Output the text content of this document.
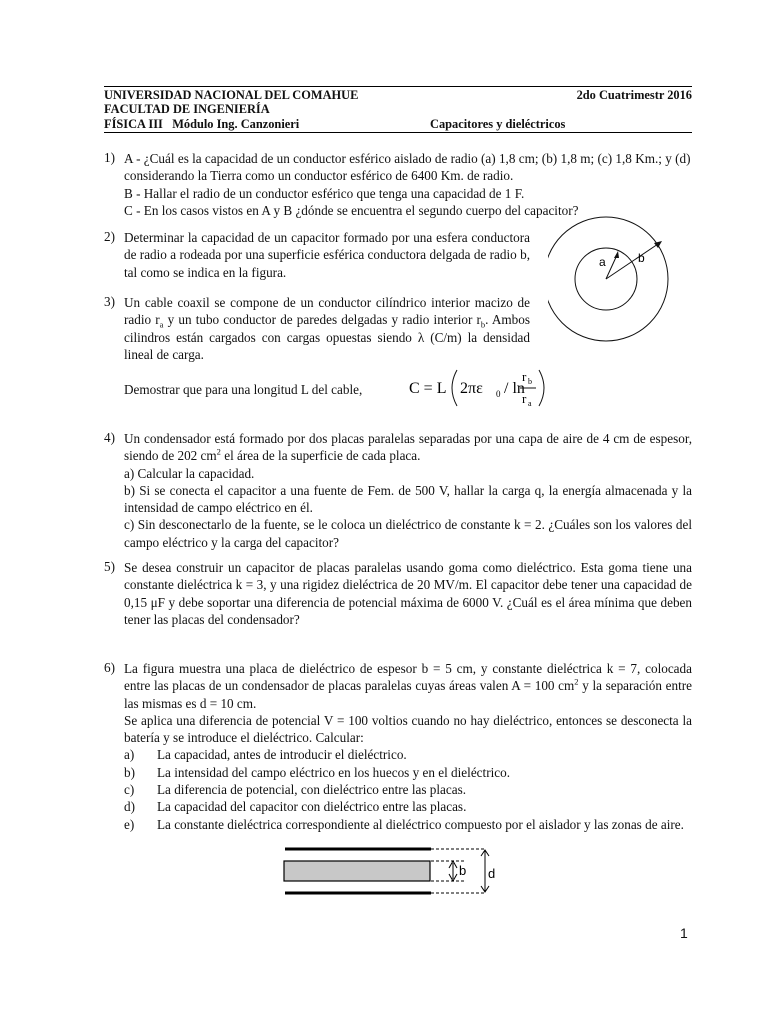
UNIVERSIDAD NACIONAL DEL COMAHUE	2do Cuatrimestr 2016
FACULTAD DE INGENIERÍA
FÍSICA III Módulo Ing. Canzonieri	Capacitores y dieléctricos
1) A - ¿Cuál es la capacidad de un conductor esférico aislado de radio (a) 1,8 cm; (b) 1,8 m; (c) 1,8 Km.; y (d) considerando la Tierra como un conductor esférico de 6400 Km. de radio.
B - Hallar el radio de un conductor esférico que tenga una capacidad de 1 F.
C - En los casos vistos en A y B ¿dónde se encuentra el segundo cuerpo del capacitor?
2) Determinar la capacidad de un capacitor formado por una esfera conductora de radio a rodeada por una superficie esférica conductora delgada de radio b, tal como se indica en la figura.
a	b
3) Un cable coaxil se compone de un conductor cilíndrico interior macizo de radio $r_a$ y un tubo conductor de paredes delgadas y radio interior $r_b$. Ambos cilindros están cargados con cargas opuestas siendo λ (C/m) la densidad lineal de carga.
Demostrar que para una longitud L del cable,	C = L 2πε 0 / ln
r b
r a
4) Un condensador está formado por dos placas paralelas separadas por una capa de aire de 4 cm de espesor, siendo de 202 $cm^2$ el área de la superficie de cada placa.
a) Calcular la capacidad.
b) Si se conecta el capacitor a una fuente de Fem. de 500 V, hallar la carga q, la energía almacenada y la intensidad de campo eléctrico en él.
c) Sin desconectarlo de la fuente, se le coloca un dieléctrico de constante k = 2. ¿Cuáles son los valores del campo eléctrico y la carga del capacitor?
5) Se desea construir un capacitor de placas paralelas usando goma como dieléctrico. Esta goma tiene una constante dieléctrica k = 3, y una rigidez dieléctrica de 20 MV/m. El capacitor debe tener una capacidad de 0,15 μF y debe soportar una diferencia de potencial máxima de 6000 V. ¿Cuál es el área mínima que deben tener las placas del condensador?
6) La figura muestra una placa de dieléctrico de espesor b = 5 cm, y constante dieléctrica k = 7, colocada entre las placas de un condensador de placas paralelas cuyas áreas valen A = 100 $cm^2$ y la separación entre las mismas es d = 10 cm.
Se aplica una diferencia de potencial V = 100 voltios cuando no hay dieléctrico, entonces se desconecta la batería y se introduce el dieléctrico. Calcular:
a) La capacidad, antes de introducir el dieléctrico.
b) La intensidad del campo eléctrico en los huecos y en el dieléctrico.
c) La diferencia de potencial, con dieléctrico entre las placas.
d) La capacidad del capacitor con dieléctrico entre las placas.
e) La constante dieléctrica correspondiente al dieléctrico compuesto por el aislador y las zonas de aire.
b d
1
